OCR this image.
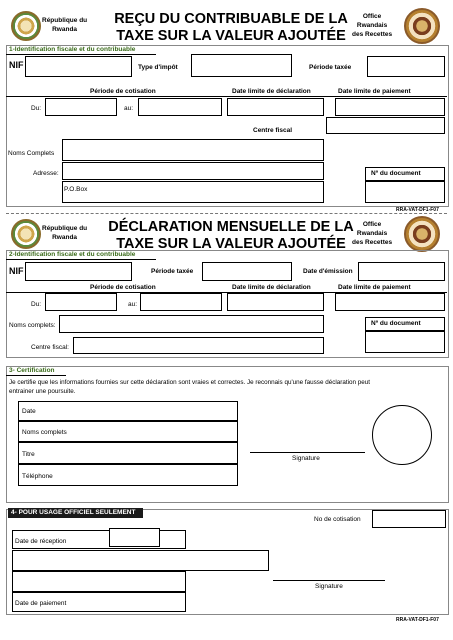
République du
Rwanda
REÇU DU CONTRIBUABLE DE LA
TAXE SUR LA VALEUR AJOUTÉE
Office
Rwandais
des Recettes
1-Identification fiscale et du contribuable
NIF	Type d'impôt	Période taxée
Période de cotisation	Date limite de déclaration	Date limite de paiement
Du:	au:
Centre fiscal
Noms Complets
Adresse:	Nº du document
P.O.Box
RRA-VAT-DF1-F07
République du
Rwanda
DÉCLARATION MENSUELLE DE LA
TAXE SUR LA VALEUR AJOUTÉE
Office
Rwandais
des Recettes
2-Identification fiscale et du contribuable
NIF	Période taxée	Date d'émission
Période de cotisation	Date limite de déclaration	Date limite de paiement
Du:	au:
Noms complets:	Nº du document
Centre fiscal:
3- Certification
Je certifie que les informations fournies sur cette déclaration sont vraies et correctes. Je reconnais qu'une fausse déclaration peut
entrainer une poursuite.
Date
Noms complets
Titre
Téléphone
Signature
4- POUR USAGE OFFICIEL SEULEMENT
No de cotisation
Date de réception
Signature
Date de paiement
RRA-VAT-DF1-F07
